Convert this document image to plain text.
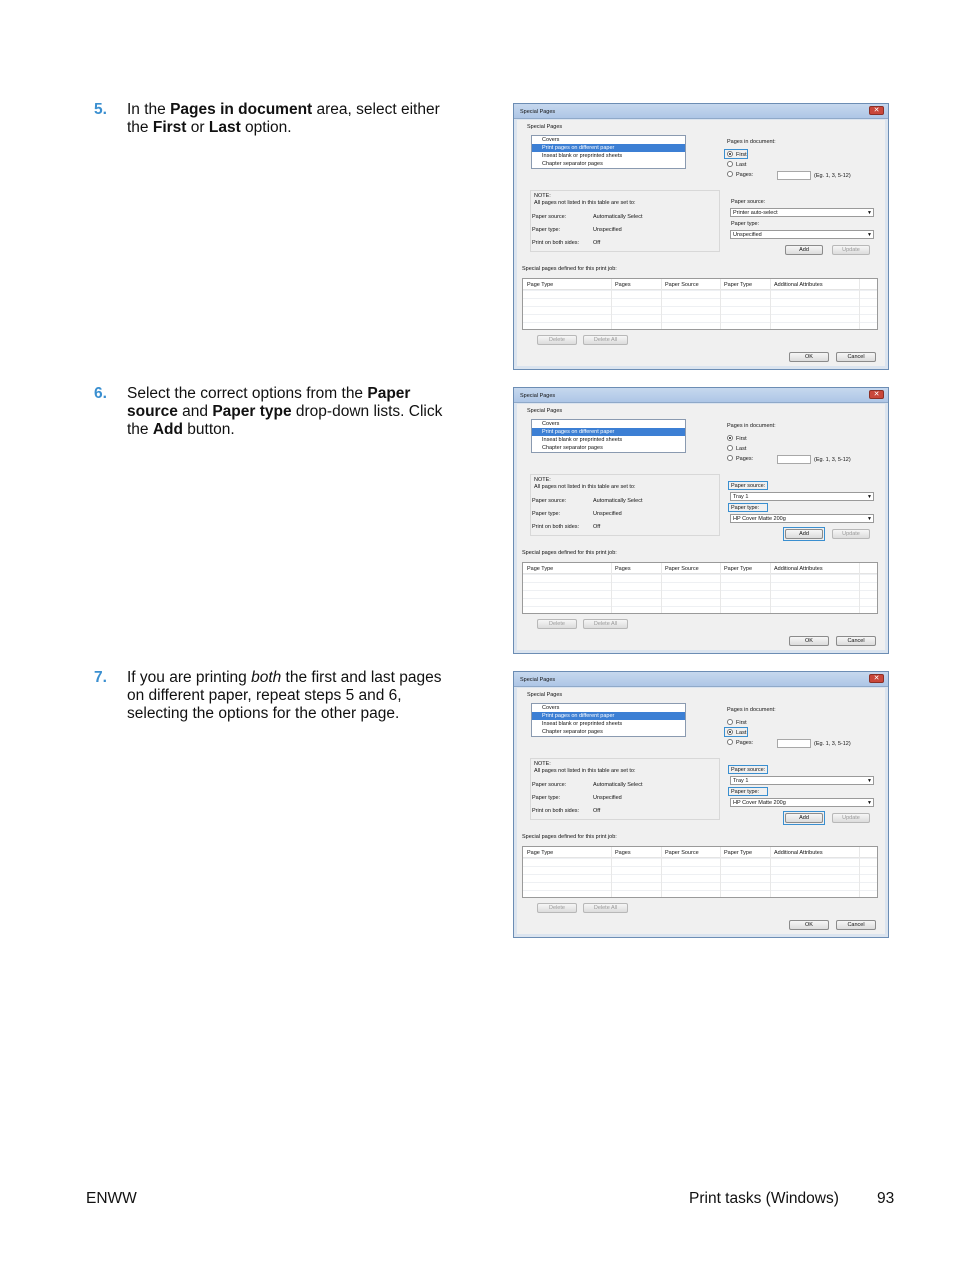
5. In the Pages in document area, select either the First or Last option.
6. Select the correct options from the Paper source and Paper type drop-down lists. Click the Add button.
7. If you are printing both the first and last pages on different paper, repeat steps 5 and 6, selecting the options for the other page.
Special Pages	✕
Special Pages
Covers
Print pages on different paper
Inseat blank or preprinted sheets
Chapter separator pages
Pages in document:
First
Last
Pages:	(Eg. 1, 3, 5-12)
NOTE:
All pages not listed in this table are set to:
Paper source:	Automatically Select
Paper type:	Unspecified
Print on both sides:	Off
Paper source:
Printer auto-select	▼
Paper type:
Unspecified	▼
Add	Update
Special pages defined for this print job:
Page Type	Pages	Paper Source	Paper Type	Additional Attributes
Delete	Delete All
OK	Cancel
Special Pages	✕
Special Pages
Covers
Print pages on different paper
Inseat blank or preprinted sheets
Chapter separator pages
Pages in document:
First
Last
Pages:	(Eg. 1, 3, 5-12)
NOTE:
All pages not listed in this table are set to:
Paper source:	Automatically Select
Paper type:	Unspecified
Print on both sides:	Off
Paper source:
Tray 1	▼
Paper type:
HP Cover Matte 200g	▼
Add	Update
Special pages defined for this print job:
Page Type	Pages	Paper Source	Paper Type	Additional Attributes
Delete	Delete All
OK	Cancel
Special Pages	✕
Special Pages
Covers
Print pages on different paper
Inseat blank or preprinted sheets
Chapter separator pages
Pages in document:
First
Last
Pages:	(Eg. 1, 3, 5-12)
NOTE:
All pages not listed in this table are set to:
Paper source:	Automatically Select
Paper type:	Unspecified
Print on both sides:	Off
Paper source:
Tray 1	▼
Paper type:
HP Cover Matte 200g	▼
Add	Update
Special pages defined for this print job:
Page Type	Pages	Paper Source	Paper Type	Additional Attributes
Delete	Delete All
OK	Cancel
ENWW	Print tasks (Windows) 93
